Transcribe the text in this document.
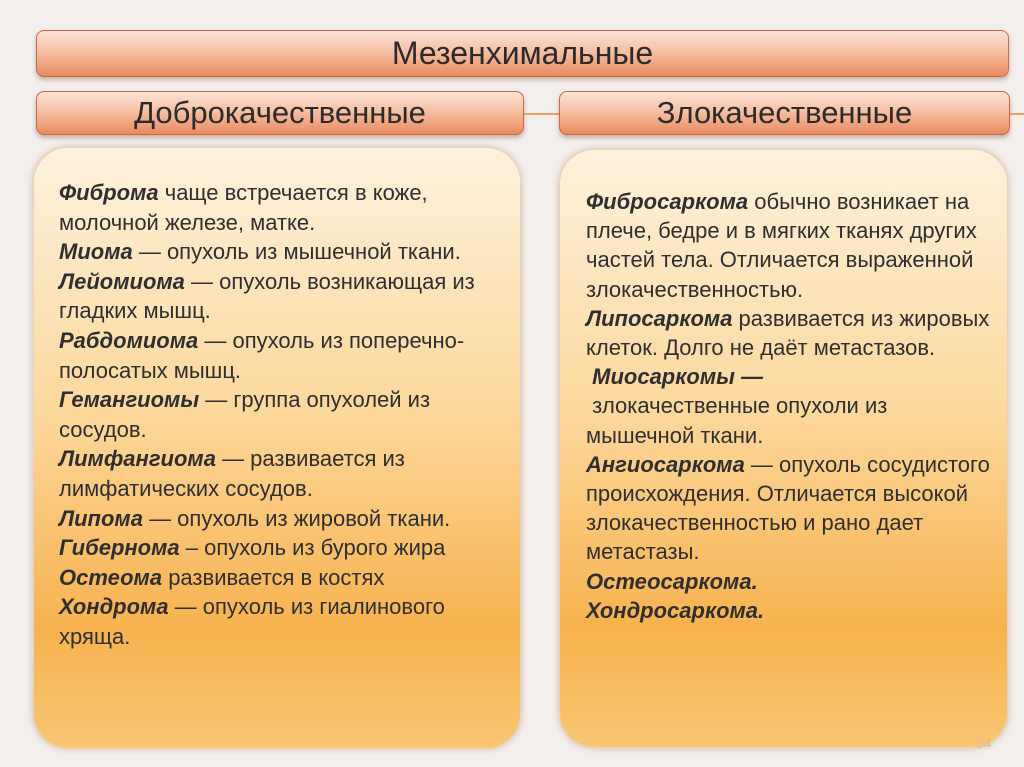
Мезенхимальные
Доброкачественные	Злокачественные
Фиброма чаще встречается в коже, молочной железе, матке.
Миома — опухоль из мышечной ткани.
Лейомиома — опухоль возникающая из гладких мышц.
Рабдомиома — опухоль из поперечно-полосатых мышц.
Гемангиомы — группа опухолей из сосудов.
Лимфангиома — развивается из лимфатических сосудов.
Липома — опухоль из жировой ткани.
Гибернома – опухоль из бурого жира
Остеома развивается в костях
Хондрома — опухоль из гиалинового хряща.
Фибросаркома обычно возникает на плече, бедре и в мягких тканях других частей тела. Отличается выраженной злокачественностью.
Липосаркома развивается из жировых клеток. Долго не даёт метастазов.
Миосаркомы —
злокачественные опухоли из мышечной ткани.
Ангиосаркома — опухоль сосудистого происхождения. Отличается высокой злокачественностью и рано дает метастазы.
Остеосаркома.
Хондросаркома.
54
